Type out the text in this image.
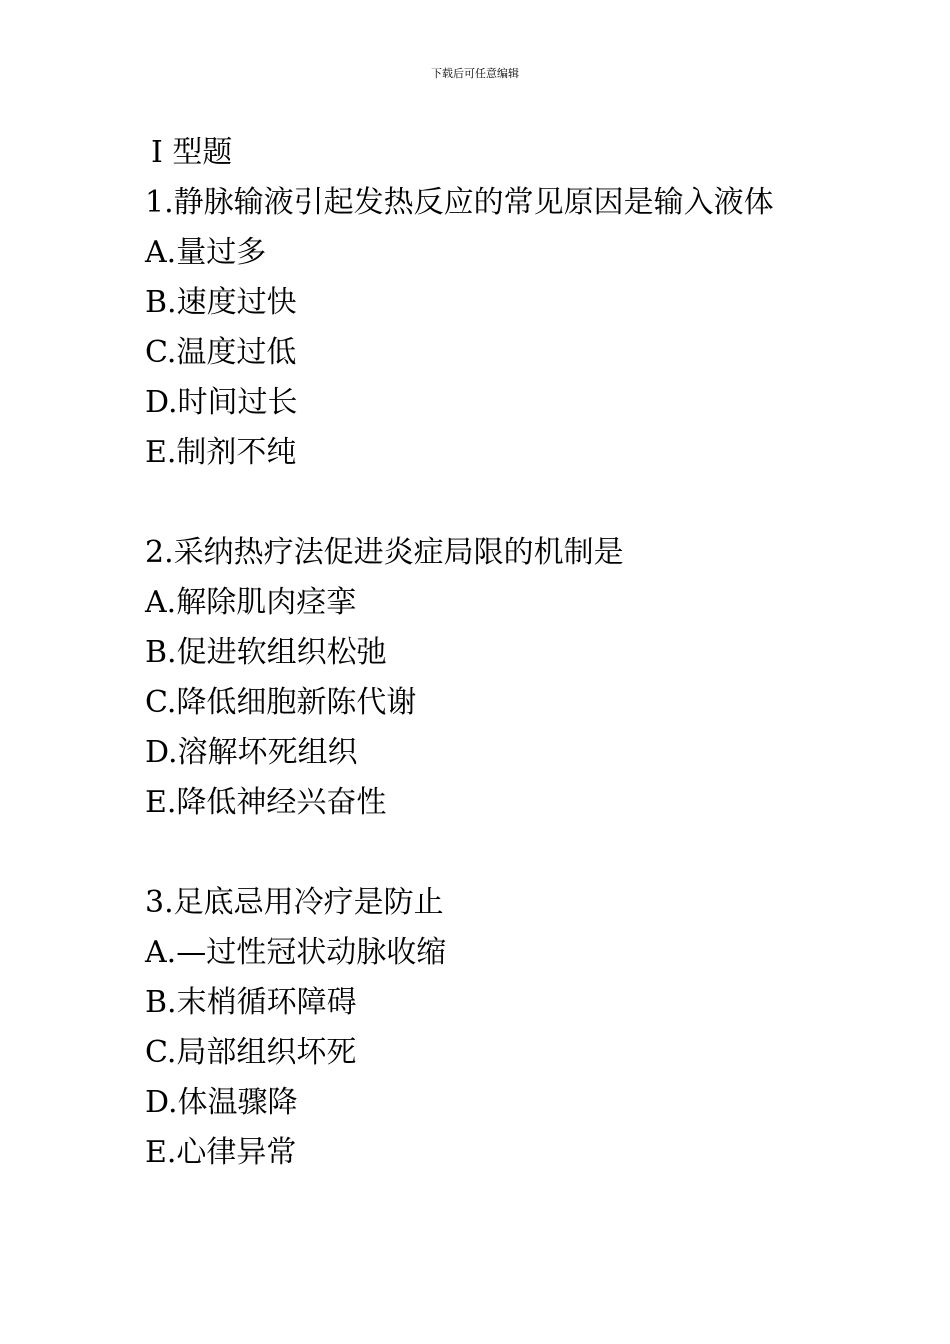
下载后可任意编辑
Ⅰ 型题
1.静脉输液引起发热反应的常见原因是输入液体
A.量过多
B.速度过快
C.温度过低
D.时间过长
E.制剂不纯
2.采纳热疗法促进炎症局限的机制是
A.解除肌肉痉挛
B.促进软组织松弛
C.降低细胞新陈代谢
D.溶解坏死组织
E.降低神经兴奋性
3.足底忌用冷疗是防止
A.—过性冠状动脉收缩
B.末梢循环障碍
C.局部组织坏死
D.体温骤降
E.心律异常
